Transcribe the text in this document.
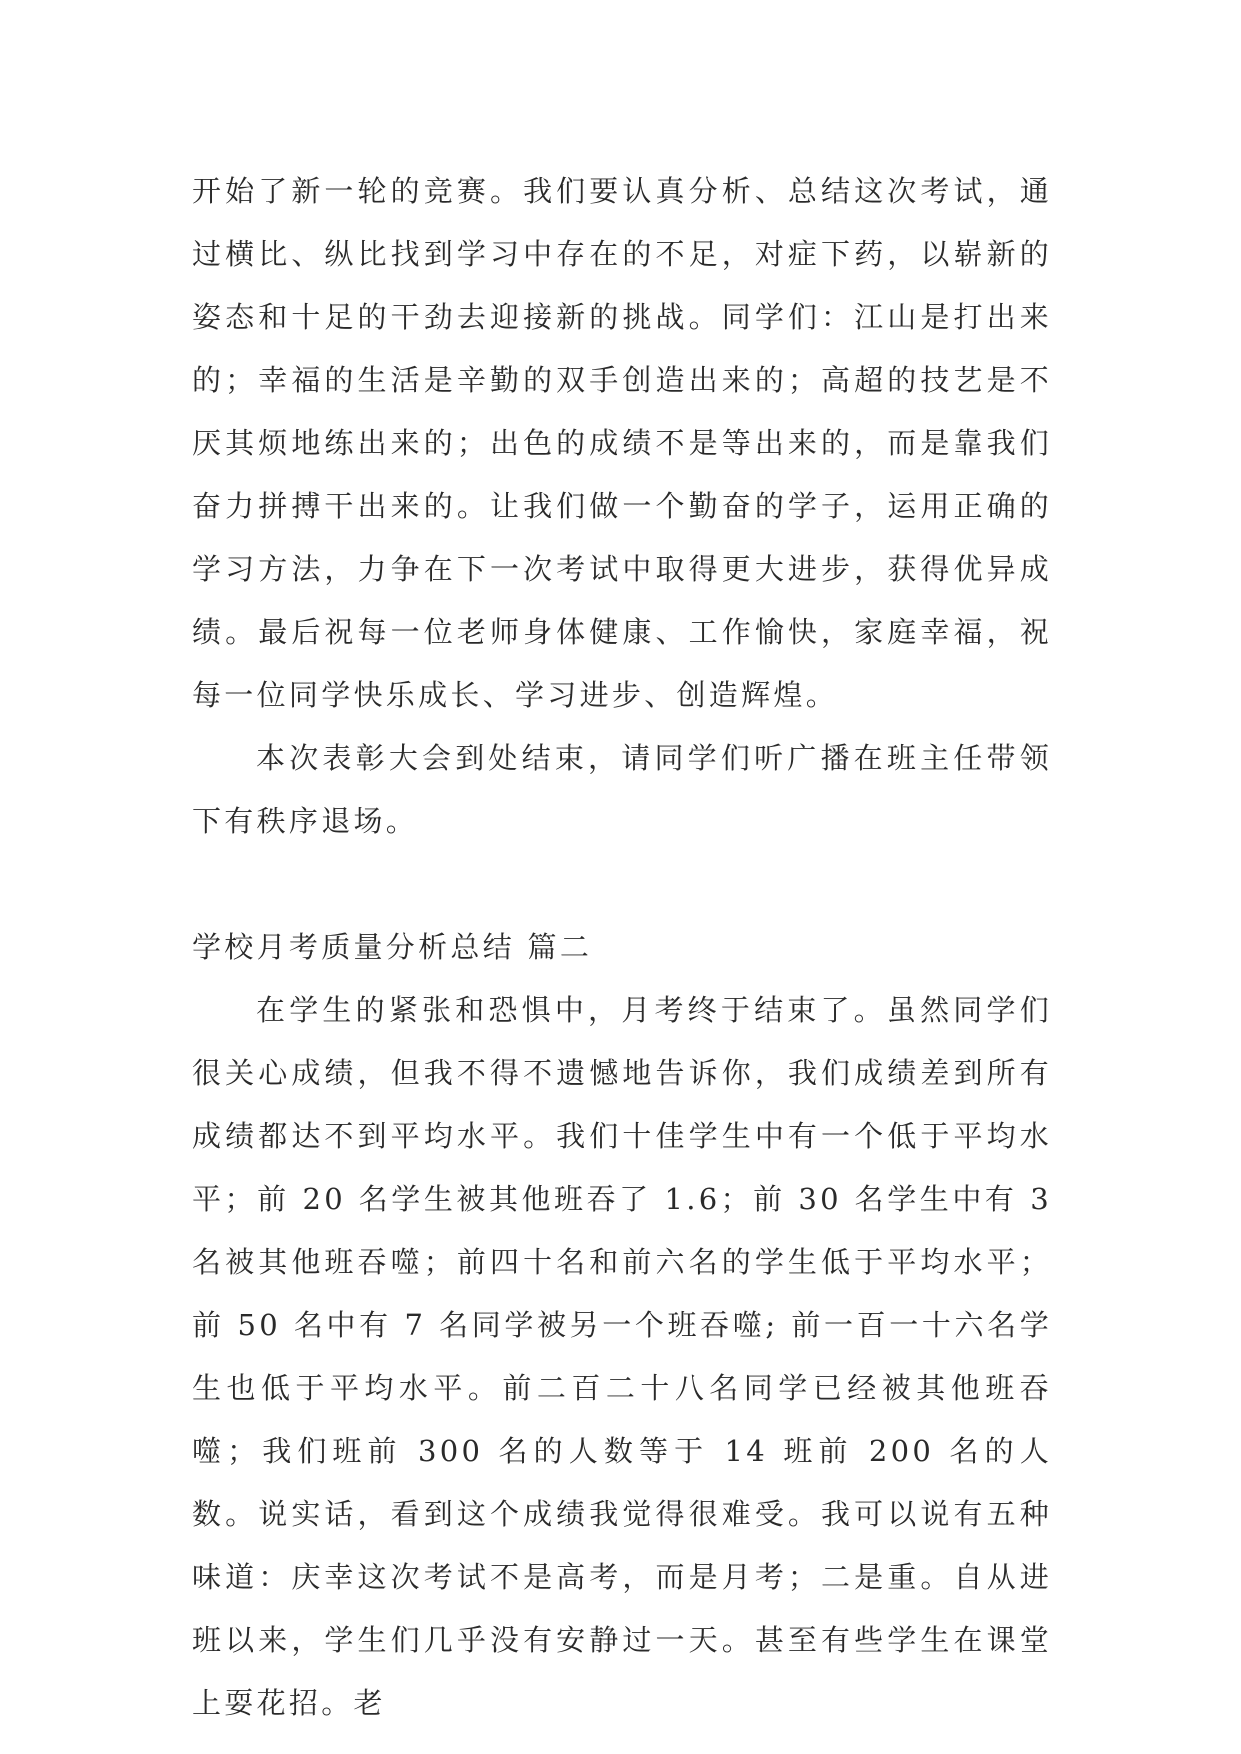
开始了新一轮的竞赛。我们要认真分析、总结这次考试，通过横比、纵比找到学习中存在的不足，对症下药，以崭新的姿态和十足的干劲去迎接新的挑战。同学们：江山是打出来的；幸福的生活是辛勤的双手创造出来的；高超的技艺是不厌其烦地练出来的；出色的成绩不是等出来的，而是靠我们奋力拼搏干出来的。让我们做一个勤奋的学子，运用正确的学习方法，力争在下一次考试中取得更大进步，获得优异成绩。最后祝每一位老师身体健康、工作愉快，家庭幸福，祝每一位同学快乐成长、学习进步、创造辉煌。

本次表彰大会到处结束，请同学们听广播在班主任带领下有秩序退场。

学校月考质量分析总结 篇二

在学生的紧张和恐惧中，月考终于结束了。虽然同学们很关心成绩，但我不得不遗憾地告诉你，我们成绩差到所有成绩都达不到平均水平。我们十佳学生中有一个低于平均水平；前 20 名学生被其他班吞了 1.6；前 30 名学生中有 3 名被其他班吞噬；前四十名和前六名的学生低于平均水平；前 50 名中有 7 名同学被另一个班吞噬; 前一百一十六名学生也低于平均水平。前二百二十八名同学已经被其他班吞噬；我们班前 300 名的人数等于 14 班前 200 名的人数。说实话，看到这个成绩我觉得很难受。我可以说有五种味道：庆幸这次考试不是高考，而是月考；二是重。自从进班以来，学生们几乎没有安静过一天。甚至有些学生在课堂上耍花招。老
